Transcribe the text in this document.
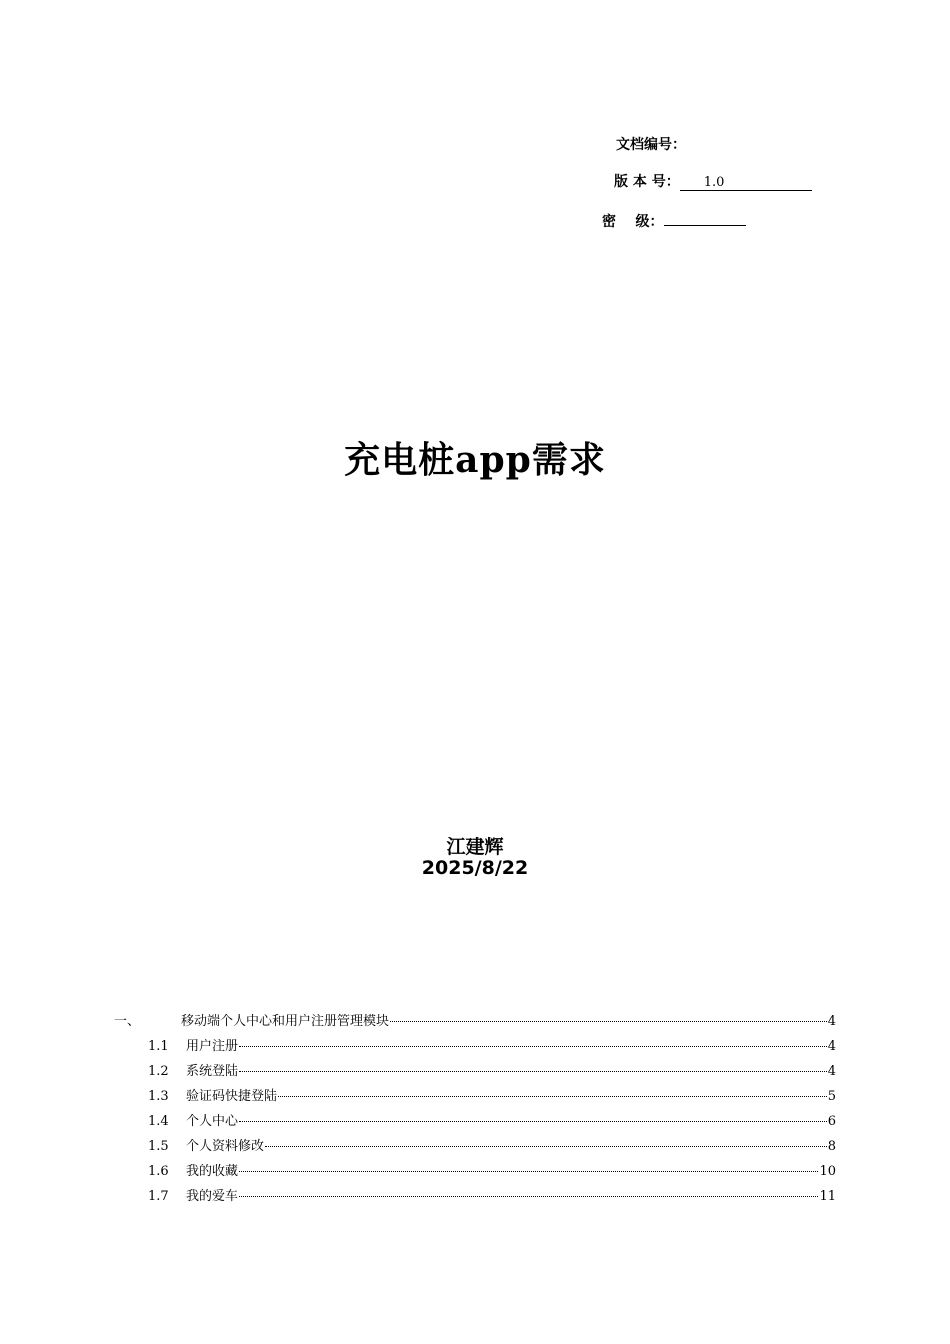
文档编号：
版 本 号： 1.0
密    级：
充电桩app需求
江建辉
2025/8/22
一、	移动端个人中心和用户注册管理模块	4
1.1	用户注册	4
1.2	系统登陆	4
1.3	验证码快捷登陆	5
1.4	个人中心	6
1.5	个人资料修改	8
1.6	我的收藏	10
1.7	我的爱车	11
